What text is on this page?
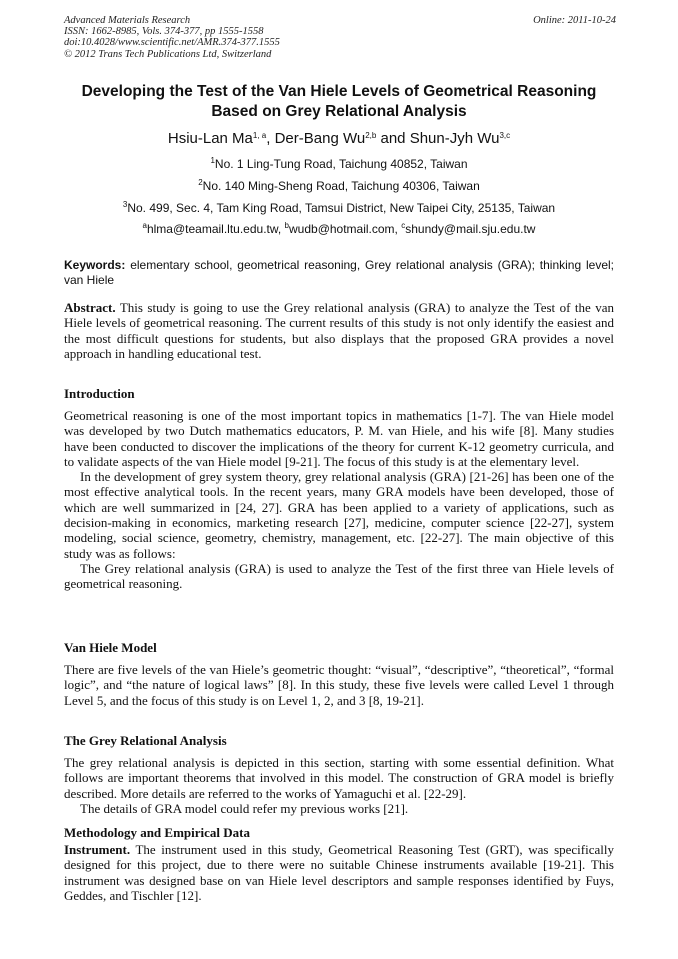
Advanced Materials Research
ISSN: 1662-8985, Vols. 374-377, pp 1555-1558
doi:10.4028/www.scientific.net/AMR.374-377.1555
© 2012 Trans Tech Publications Ltd, Switzerland
Online: 2011-10-24
Developing the Test of the Van Hiele Levels of Geometrical Reasoning
Based on Grey Relational Analysis
Hsiu-Lan Ma$^{1, a}$, Der-Bang Wu$^{2,b}$ and Shun-Jyh Wu$^{3,c}$
$^1$No. 1 Ling-Tung Road, Taichung 40852, Taiwan
$^2$No. 140 Ming-Sheng Road, Taichung 40306, Taiwan
$^3$No. 499, Sec. 4, Tam King Road, Tamsui District, New Taipei City, 25135, Taiwan
$^a$hlma@teamail.ltu.edu.tw, $^b$wudb@hotmail.com, $^c$shundy@mail.sju.edu.tw
Keywords: elementary school, geometrical reasoning, Grey relational analysis (GRA); thinking level; van Hiele
Abstract. This study is going to use the Grey relational analysis (GRA) to analyze the Test of the van Hiele levels of geometrical reasoning. The current results of this study is not only identify the easiest and the most difficult questions for students, but also displays that the proposed GRA provides a novel approach in handling educational test.
Introduction

Geometrical reasoning is one of the most important topics in mathematics [1-7]. The van Hiele model was developed by two Dutch mathematics educators, P. M. van Hiele, and his wife [8]. Many studies have been conducted to discover the implications of the theory for current K-12 geometry curricula, and to validate aspects of the van Hiele model [9-21]. The focus of this study is at the elementary level.

In the development of grey system theory, grey relational analysis (GRA) [21-26] has been one of the most effective analytical tools. In the recent years, many GRA models have been developed, those of which are well summarized in [24, 27]. GRA has been applied to a variety of applications, such as decision-making in economics, marketing research [27], medicine, computer science [22-27], system modeling, social science, geometry, chemistry, management, etc. [22-27]. The main objective of this study was as follows:

The Grey relational analysis (GRA) is used to analyze the Test of the first three van Hiele levels of geometrical reasoning.

Van Hiele Model

There are five levels of the van Hiele’s geometric thought: “visual”, “descriptive”, “theoretical”, “formal logic”, and “the nature of logical laws” [8]. In this study, these five levels were called Level 1 through Level 5, and the focus of this study is on Level 1, 2, and 3 [8, 19-21].

The Grey Relational Analysis

The grey relational analysis is depicted in this section, starting with some essential definition. What follows are important theorems that involved in this model. The construction of GRA model is briefly described. More details are referred to the works of Yamaguchi et al. [22-29].

The details of GRA model could refer my previous works [21].

Methodology and Empirical Data
Instrument. The instrument used in this study, Geometrical Reasoning Test (GRT), was specifically designed for this project, due to there were no suitable Chinese instruments available [19-21]. This instrument was designed base on van Hiele level descriptors and sample responses identified by Fuys, Geddes, and Tischler [12].
